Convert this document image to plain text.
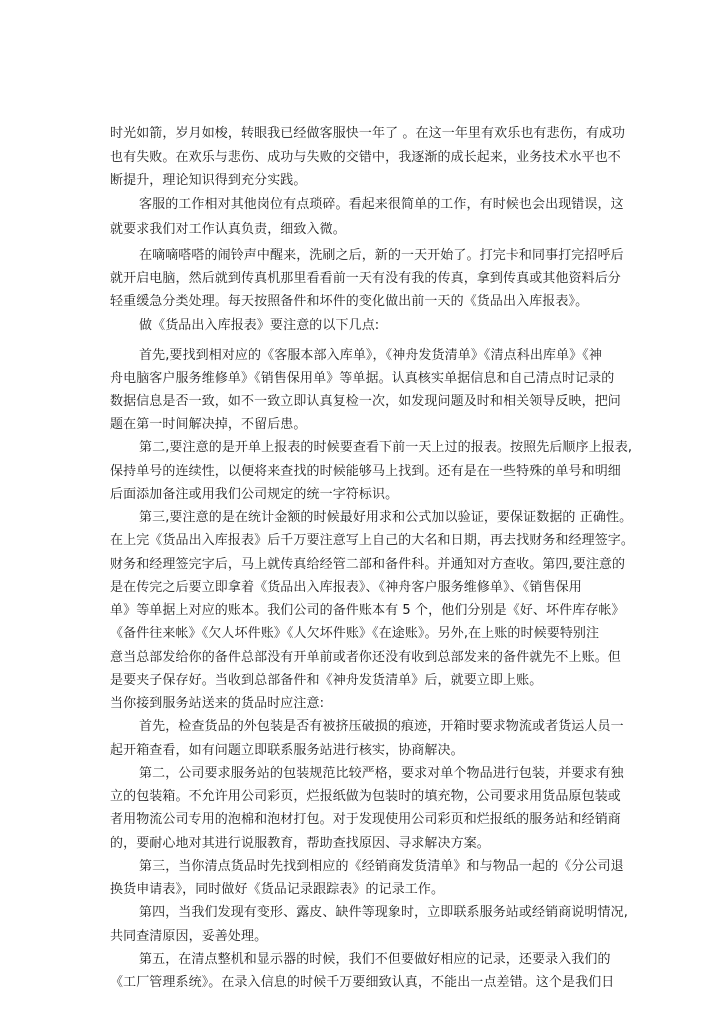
时光如箭，岁月如梭，转眼我已经做客服快一年了 。在这一年里有欢乐也有悲伤，有成功
也有失败。在欢乐与悲伤、成功与失败的交错中，我逐渐的成长起来，业务技术水平也不
断提升，理论知识得到充分实践。
客服的工作相对其他岗位有点琐碎。看起来很简单的工作，有时候也会出现错误，这
就要求我们对工作认真负责，细致入微。
在嘀嘀嗒嗒的闹铃声中醒来，洗刷之后，新的一天开始了。打完卡和同事打完招呼后
就开启电脑，然后就到传真机那里看看前一天有没有我的传真，拿到传真或其他资料后分
轻重缓急分类处理。每天按照备件和坏件的变化做出前一天的《货品出入库报表》。
做《货品出入库报表》要注意的以下几点:
首先,要找到相对应的《客服本部入库单》，《神舟发货清单》《清点科出库单》《神
舟电脑客户服务维修单》《销售保用单》等单据。认真核实单据信息和自己清点时记录的
数据信息是否一致，如不一致立即认真复检一次，如发现问题及时和相关领导反映，把问
题在第一时间解决掉，不留后患。
第二,要注意的是开单上报表的时候要查看下前一天上过的报表。按照先后顺序上报表,
保持单号的连续性，以便将来查找的时候能够马上找到。还有是在一些特殊的单号和明细
后面添加备注或用我们公司规定的统一字符标识。
第三,要注意的是在统计金额的时候最好用求和公式加以验证，要保证数据的 正确性。
在上完《货品出入库报表》后千万要注意写上自己的大名和日期，再去找财务和经理签字。
财务和经理签完字后，马上就传真给经管二部和备件科。并通知对方查收。第四,要注意的
是在传完之后要立即拿着《货品出入库报表》、《神舟客户服务维修单》、《销售保用
单》等单据上对应的账本。我们公司的备件账本有 5 个，他们分别是《好、坏件库存帐》
《备件往来帐》《欠人坏件账》《人欠坏件账》《在途账》。另外,在上账的时候要特别注
意当总部发给你的备件总部没有开单前或者你还没有收到总部发来的备件就先不上账。但
是要夹子保存好。当收到总部备件和《神舟发货清单》后，就要立即上账。
当你接到服务站送来的货品时应注意:
首先，检查货品的外包装是否有被挤压破损的痕迹，开箱时要求物流或者货运人员一
起开箱查看，如有问题立即联系服务站进行核实，协商解决。
第二，公司要求服务站的包装规范比较严格，要求对单个物品进行包装，并要求有独
立的包装箱。不允许用公司彩页，烂报纸做为包装时的填充物，公司要求用货品原包装或
者用物流公司专用的泡棉和泡材打包。对于发现使用公司彩页和烂报纸的服务站和经销商
的，要耐心地对其进行说服教育，帮助查找原因、寻求解决方案。
第三，当你清点货品时先找到相应的《经销商发货清单》和与物品一起的《分公司退
换货申请表》，同时做好《货品记录跟踪表》的记录工作。
第四，当我们发现有变形、露皮、缺件等现象时，立即联系服务站或经销商说明情况,
共同查清原因，妥善处理。
第五，在清点整机和显示器的时候，我们不但要做好相应的记录，还要录入我们的
《工厂管理系统》。在录入信息的时候千万要细致认真，不能出一点差错。这个是我们日
